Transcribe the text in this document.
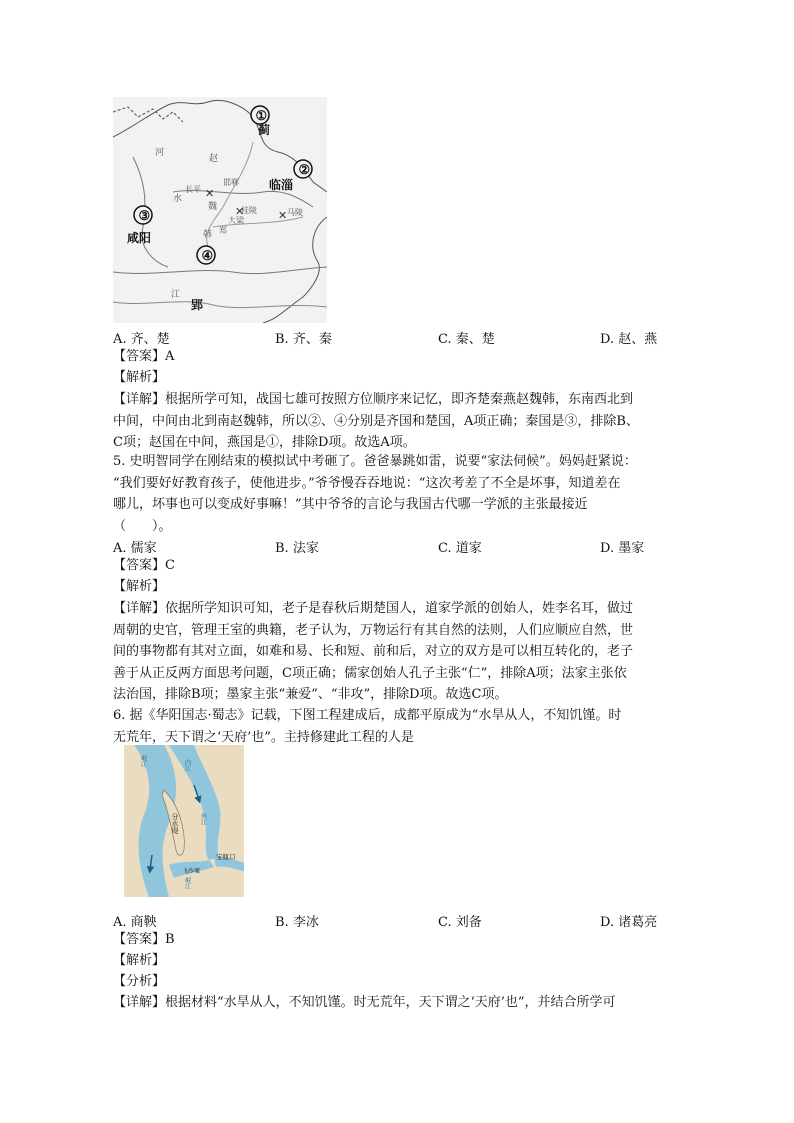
✕
✕	✕
①
②
③
④
蓟
临淄
咸阳
郢
赵
长平
邯郸
大梁
桂陵	马陵
韩
魏
郑
河
水
江
A. 齐、楚	B. 齐、秦	C. 秦、楚	D. 赵、燕
【答案】A
【解析】
【详解】根据所学可知，战国七雄可按照方位顺序来记忆，即齐楚秦燕赵魏韩，东南西北到
中间，中间由北到南赵魏韩，所以②、④分别是齐国和楚国，A项正确；秦国是③，排除B、
C项；赵国在中间，燕国是①，排除D项。故选A项。
5. 史明智同学在刚结束的模拟试中考砸了。爸爸暴跳如雷，说要“家法伺候”。妈妈赶紧说：
“我们要好好教育孩子，使他进步。”爷爷慢吞吞地说：“这次考差了不全是坏事，知道差在
哪儿，坏事也可以变成好事嘛！”其中爷爷的言论与我国古代哪一学派的主张最接近
（　　）。
A. 儒家	B. 法家	C. 道家	D. 墨家
【答案】C
【解析】
【详解】依据所学知识可知，老子是春秋后期楚国人，道家学派的创始人，姓李名耳，做过
周朝的史官，管理王室的典籍，老子认为，万物运行有其自然的法则，人们应顺应自然，世
间的事物都有其对立面，如难和易、长和短、前和后，对立的双方是可以相互转化的，老子
善于从正反两方面思考问题，C项正确；儒家创始人孔子主张“仁”，排除A项；法家主张依
法治国，排除B项；墨家主张“兼爱”、“非攻”，排除D项。故选C项。
6. 据《华阳国志·蜀志》记载，下图工程建成后，成都平原成为“水旱从人，不知饥馑。时
无荒年，天下谓之‘天府’也”。主持修建此工程的人是
岷江	内江
外江
分水堤
宝瓶口
飞沙堰
岷江
A. 商鞅	B. 李冰	C. 刘备	D. 诸葛亮
【答案】B
【解析】
【分析】
【详解】根据材料“水旱从人，不知饥馑。时无荒年，天下谓之‘天府’也”，并结合所学可
